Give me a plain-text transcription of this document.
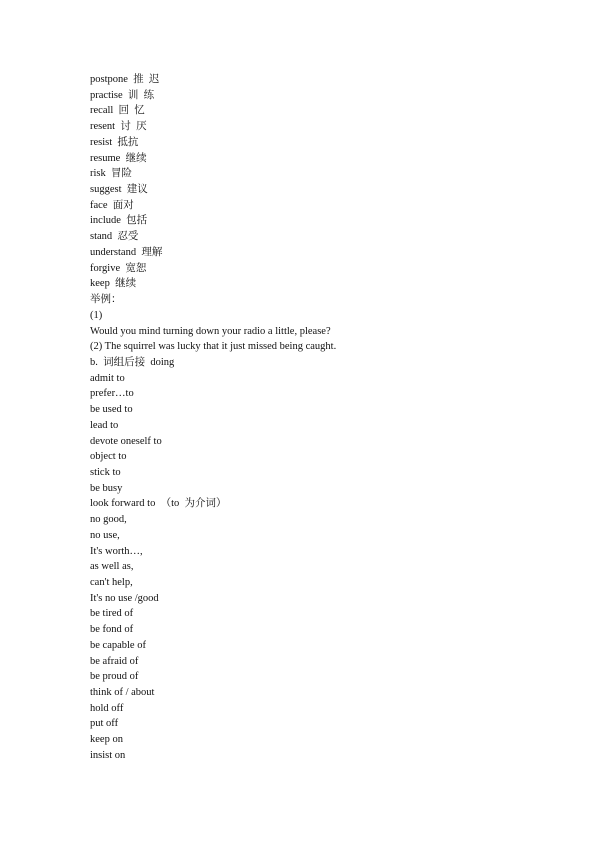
postpone  推  迟
practise  训  练
recall  回  忆
resent  讨  厌
resist  抵抗
resume  继续
risk  冒险
suggest  建议
face  面对
include  包括
stand  忍受
understand  理解
forgive  宽恕
keep  继续
举例：
(1)
Would you mind turning down your radio a little, please?
(2) The squirrel was lucky that it just missed being caught.
b.  词组后接  doing
admit to
prefer…to
be used to
lead to
devote oneself to
object to
stick to
be busy
look forward to  （to  为介词）
no good,
no use,
It's worth…,
as well as,
can't help,
It's no use /good
be tired of
be fond of
be capable of
be afraid of
be proud of
think of / about
hold off
put off
keep on
insist on
